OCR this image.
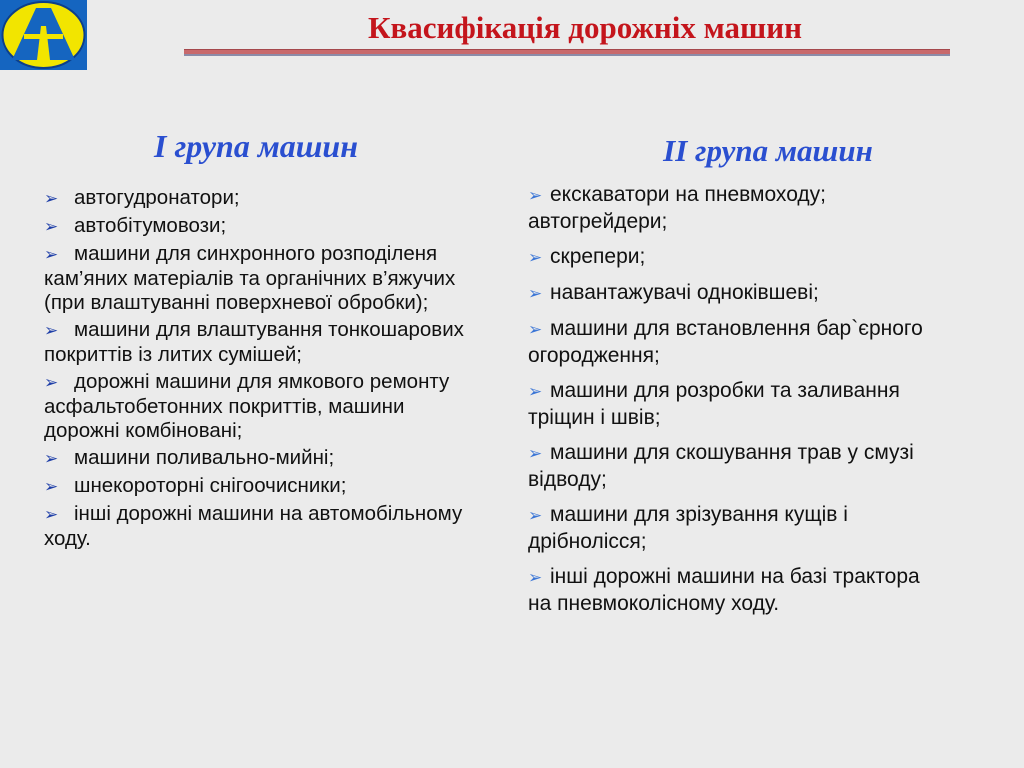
Квасифікація дорожніх машин
I група машин	II група машин
➢ автогудронатори;
➢ автобітумовози;
➢ машини для синхронного розподіленя кам’яних матеріалів та органічних в’яжучих (при влаштуванні поверхневої обробки);
➢ машини для влаштування тонкошарових покриттів із литих сумішей;
➢ дорожні машини для ямкового ремонту асфальтобетонних покриттів, машини дорожні комбіновані;
➢ машини поливально-мийні;
➢ шнекороторні снігоочисники;
➢ інші дорожні машини на автомобільному ходу.
➢ екскаватори на пневмоходу; автогрейдери;
➢ скрепери;
➢ навантажувачі одноківшеві;
➢ машини для встановлення бар`єрного огородження;
➢ машини для розробки та заливання тріщин і швів;
➢ машини для скошування трав у смузі відводу;
➢ машини для зрізування кущів і дрібнолісся;
➢ інші дорожні машини на базі трактора на пневмоколісному ходу.
